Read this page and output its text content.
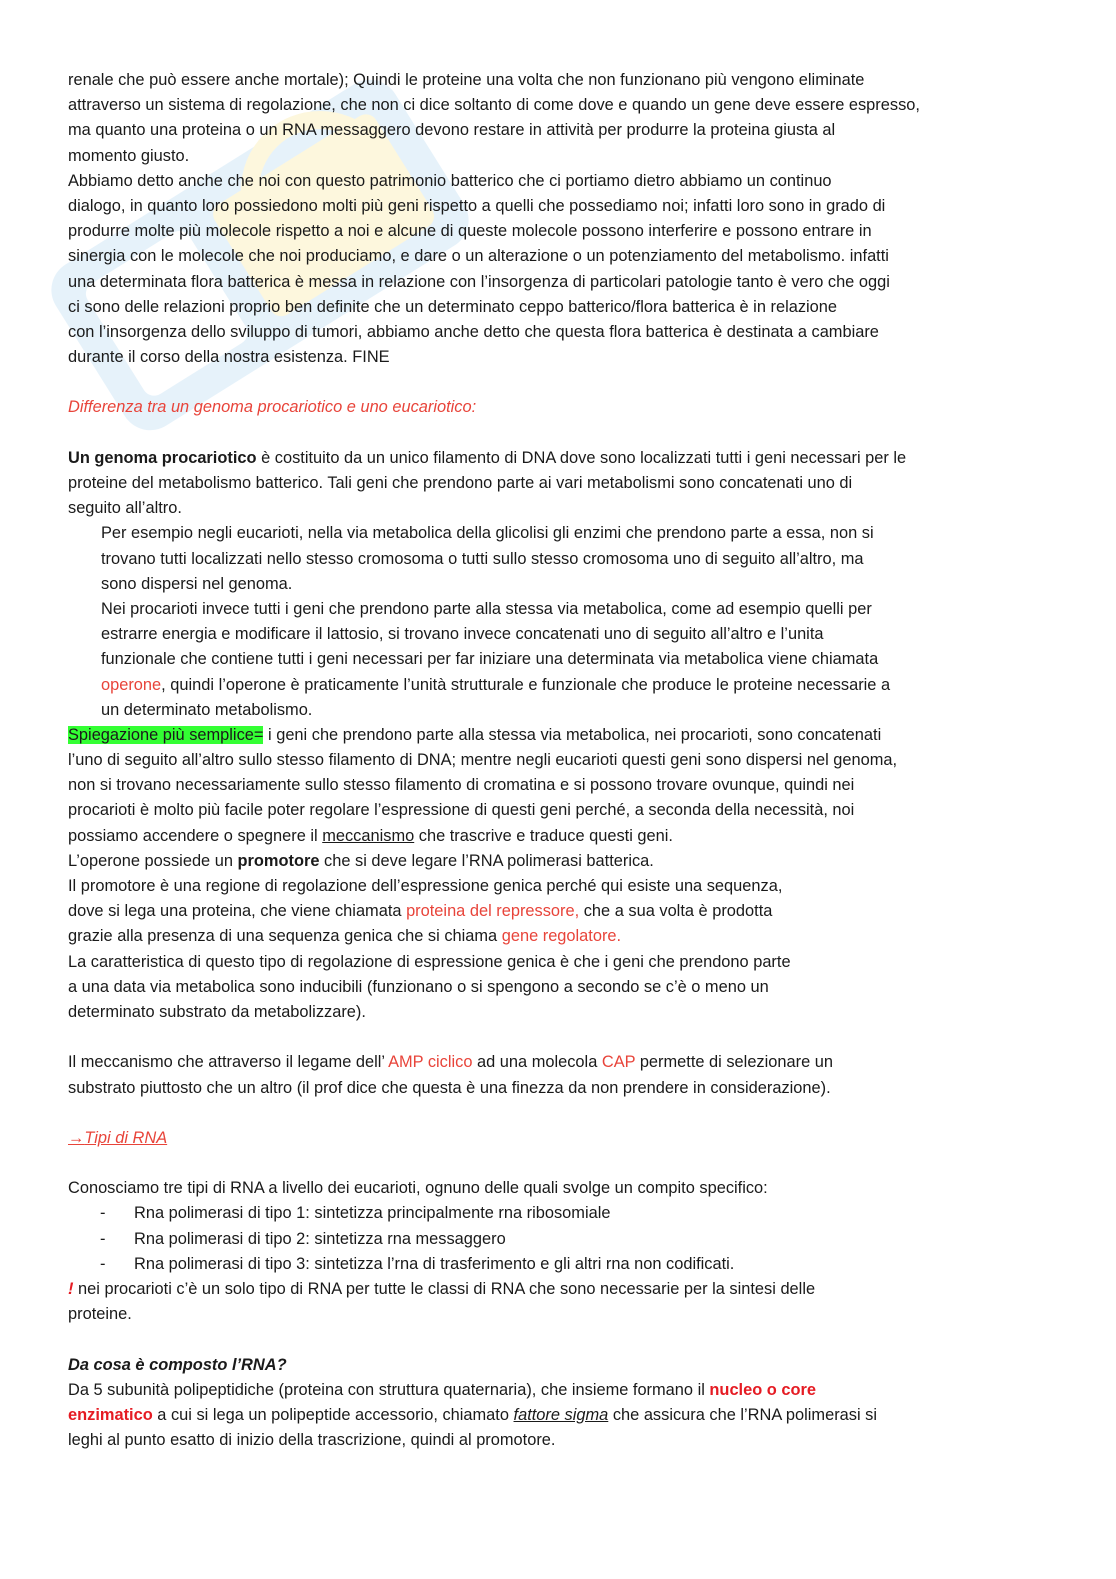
renale che può essere anche mortale); Quindi le proteine una volta che non funzionano più vengono eliminate
attraverso un sistema di regolazione, che non ci dice soltanto di come dove e quando un gene deve essere espresso,
ma quanto una proteina o un RNA messaggero devono restare in attività per produrre la proteina giusta al
momento giusto.
Abbiamo detto anche che noi con questo patrimonio batterico che ci portiamo dietro abbiamo un continuo
dialogo, in quanto loro possiedono molti più geni rispetto a quelli che possediamo noi; infatti loro sono in grado di
produrre molte più molecole rispetto a noi e alcune di queste molecole possono interferire e possono entrare in
sinergia con le molecole che noi produciamo, e dare o un alterazione o un potenziamento del metabolismo. infatti
una determinata flora batterica è messa in relazione con l’insorgenza di particolari patologie tanto è vero che oggi
ci sono delle relazioni proprio ben definite che un determinato ceppo batterico/flora batterica è in relazione
con l’insorgenza dello sviluppo di tumori, abbiamo anche detto che questa flora batterica è destinata a cambiare
durante il corso della nostra esistenza. FINE
Differenza tra un genoma procariotico e uno eucariotico:
Un genoma procariotico è costituito da un unico filamento di DNA dove sono localizzati tutti i geni necessari per le
proteine del metabolismo batterico. Tali geni che prendono parte ai vari metabolismi sono concatenati uno di
seguito all’altro.
Per esempio negli eucarioti, nella via metabolica della glicolisi gli enzimi che prendono parte a essa, non si
trovano tutti localizzati nello stesso cromosoma o tutti sullo stesso cromosoma uno di seguito all’altro, ma
sono dispersi nel genoma.
Nei procarioti invece tutti i geni che prendono parte alla stessa via metabolica, come ad esempio quelli per
estrarre energia e modificare il lattosio, si trovano invece concatenati uno di seguito all’altro e l’unita
funzionale che contiene tutti i geni necessari per far iniziare una determinata via metabolica viene chiamata
operone, quindi l’operone è praticamente l’unità strutturale e funzionale che produce le proteine necessarie a
un determinato metabolismo.
Spiegazione più semplice= i geni che prendono parte alla stessa via metabolica, nei procarioti, sono concatenati
l’uno di seguito all’altro sullo stesso filamento di DNA; mentre negli eucarioti questi geni sono dispersi nel genoma,
non si trovano necessariamente sullo stesso filamento di cromatina e si possono trovare ovunque, quindi nei
procarioti è molto più facile poter regolare l’espressione di questi geni perché, a seconda della necessità, noi
possiamo accendere o spegnere il meccanismo che trascrive e traduce questi geni.
L’operone possiede un promotore che si deve legare l’RNA polimerasi batterica.
Il promotore è una regione di regolazione dell’espressione genica perché qui esiste una sequenza,
dove si lega una proteina, che viene chiamata proteina del repressore, che a sua volta è prodotta
grazie alla presenza di una sequenza genica che si chiama gene regolatore.
La caratteristica di questo tipo di regolazione di espressione genica è che i geni che prendono parte
a una data via metabolica sono inducibili (funzionano o si spengono a secondo se c’è o meno un
determinato substrato da metabolizzare).
Il meccanismo che attraverso il legame dell’ AMP ciclico ad una molecola CAP permette di selezionare un
substrato piuttosto che un altro (il prof dice che questa è una finezza da non prendere in considerazione).
→Tipi di RNA
Conosciamo tre tipi di RNA a livello dei eucarioti, ognuno delle quali svolge un compito specifico:
- Rna polimerasi di tipo 1: sintetizza principalmente rna ribosomiale
- Rna polimerasi di tipo 2: sintetizza rna messaggero
- Rna polimerasi di tipo 3: sintetizza l’rna di trasferimento e gli altri rna non codificati.
! nei procarioti c’è un solo tipo di RNA per tutte le classi di RNA che sono necessarie per la sintesi delle
proteine.
Da cosa è composto l’RNA?
Da 5 subunità polipeptidiche (proteina con struttura quaternaria), che insieme formano il nucleo o core
enzimatico a cui si lega un polipeptide accessorio, chiamato fattore sigma che assicura che l’RNA polimerasi si
leghi al punto esatto di inizio della trascrizione, quindi al promotore.
